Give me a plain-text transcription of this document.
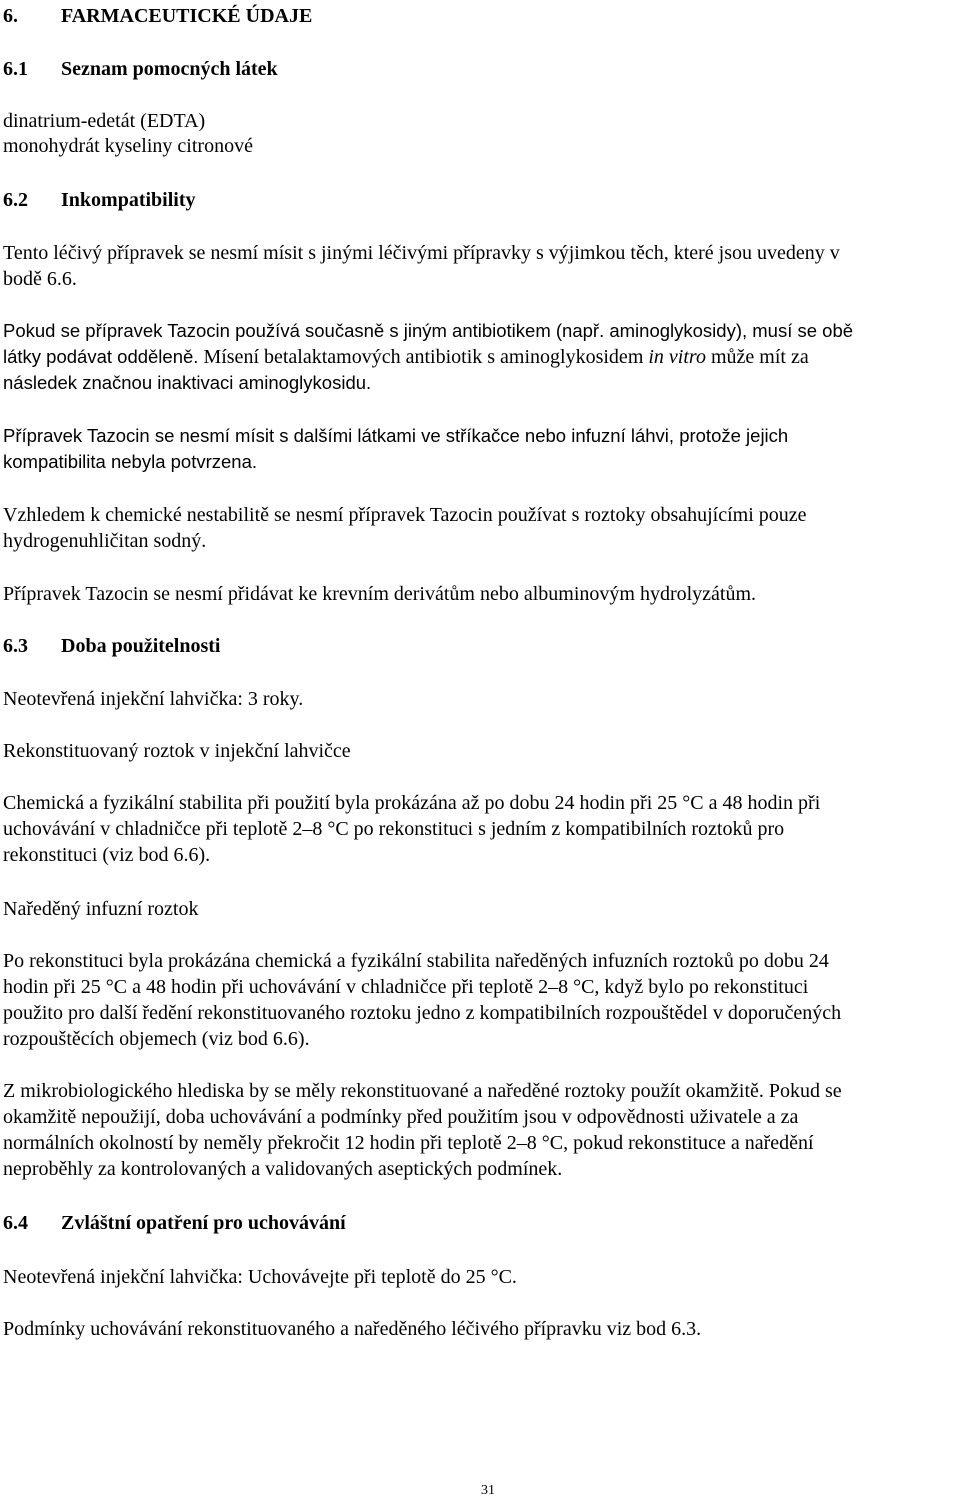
6. FARMACEUTICKÉ ÚDAJE
6.1 Seznam pomocných látek
dinatrium-edetát (EDTA)
monohydrát kyseliny citronové
6.2 Inkompatibility
Tento léčivý přípravek se nesmí mísit s jinými léčivými přípravky s výjimkou těch, které jsou uvedeny v
bodě 6.6.
Pokud se přípravek Tazocin používá současně s jiným antibiotikem (např. aminoglykosidy), musí se obě
látky podávat odděleně. Mísení betalaktamových antibiotik s aminoglykosidem in vitro může mít za
následek značnou inaktivaci aminoglykosidu.
Přípravek Tazocin se nesmí mísit s dalšími látkami ve stříkačce nebo infuzní láhvi, protože jejich
kompatibilita nebyla potvrzena.
Vzhledem k chemické nestabilitě se nesmí přípravek Tazocin používat s roztoky obsahujícími pouze
hydrogenuhličitan sodný.
Přípravek Tazocin se nesmí přidávat ke krevním derivátům nebo albuminovým hydrolyzátům.
6.3 Doba použitelnosti
Neotevřená injekční lahvička: 3 roky.
Rekonstituovaný roztok v injekční lahvičce
Chemická a fyzikální stabilita při použití byla prokázána až po dobu 24 hodin při 25 °C a 48 hodin při
uchovávání v chladničce při teplotě 2–8 °C po rekonstituci s jedním z kompatibilních roztoků pro
rekonstituci (viz bod 6.6).
Naředěný infuzní roztok
Po rekonstituci byla prokázána chemická a fyzikální stabilita naředěných infuzních roztoků po dobu 24
hodin při 25 °C a 48 hodin při uchovávání v chladničce při teplotě 2–8 °C, když bylo po rekonstituci
použito pro další ředění rekonstituovaného roztoku jedno z kompatibilních rozpouštědel v doporučených
rozpouštěcích objemech (viz bod 6.6).
Z mikrobiologického hlediska by se měly rekonstituované a naředěné roztoky použít okamžitě. Pokud se
okamžitě nepoužijí, doba uchovávání a podmínky před použitím jsou v odpovědnosti uživatele a za
normálních okolností by neměly překročit 12 hodin při teplotě 2–8 °C, pokud rekonstituce a naředění
neproběhly za kontrolovaných a validovaných aseptických podmínek.
6.4 Zvláštní opatření pro uchovávání
Neotevřená injekční lahvička: Uchovávejte při teplotě do 25 °C.
Podmínky uchovávání rekonstituovaného a naředěného léčivého přípravku viz bod 6.3.
31
